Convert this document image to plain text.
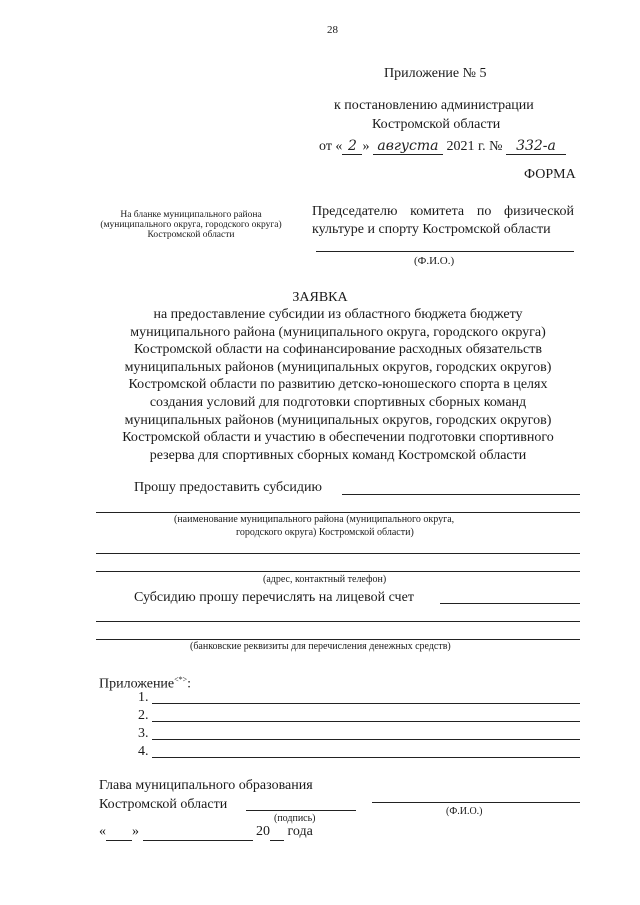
28
Приложение № 5
к постановлению администрации
Костромской области
от « 2 » августа 2021 г. № 332-а
ФОРМА
На бланке муниципального района
(муниципального округа, городского округа)
Костромской области
Председателю комитета по физической
культуре и спорту Костромской области
(Ф.И.О.)
ЗАЯВКА
на предоставление субсидии из областного бюджета бюджету
муниципального района (муниципального округа, городского округа)
Костромской области на софинансирование расходных обязательств
муниципальных районов (муниципальных округов, городских округов)
Костромской области по развитию детско-юношеского спорта в целях
создания условий для подготовки спортивных сборных команд
муниципальных районов (муниципальных округов, городских округов)
Костромской области и участию в обеспечении подготовки спортивного
резерва для спортивных сборных команд Костромской области
Прошу предоставить субсидию
(наименование муниципального района (муниципального округа,
городского округа) Костромской области)
(адрес, контактный телефон)
Субсидию прошу перечислять на лицевой счет
(банковские реквизиты для перечисления денежных средств)
Приложение<*>:
1.
2.
3.
4.
Глава муниципального образования
Костромской области
(подпись)
(Ф.И.О.)
« »	20 года
